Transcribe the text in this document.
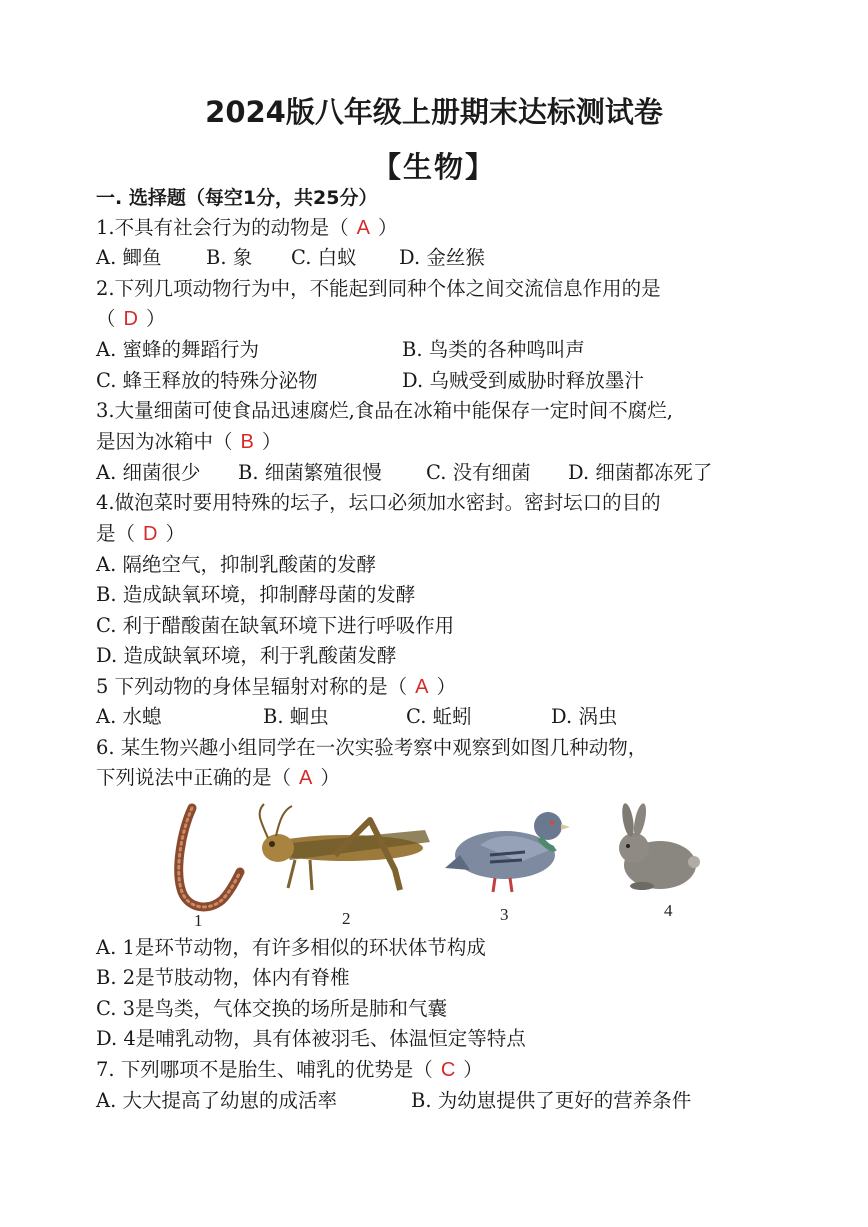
2024版八年级上册期末达标测试卷
【生物】
一. 选择题（每空1分，共25分）
1.不具有社会行为的动物是（ A ）
A. 鲫鱼 B. 象 C. 白蚁 D. 金丝猴
2.下列几项动物行为中，不能起到同种个体之间交流信息作用的是
（ D ）
A. 蜜蜂的舞蹈行为	B. 鸟类的各种鸣叫声
C. 蜂王释放的特殊分泌物	D. 乌贼受到威胁时释放墨汁
3.大量细菌可使食品迅速腐烂,食品在冰箱中能保存一定时间不腐烂,
是因为冰箱中（ B ）
A. 细菌很少 B. 细菌繁殖很慢 C. 没有细菌 D. 细菌都冻死了
4.做泡菜时要用特殊的坛子，坛口必须加水密封。密封坛口的目的
是（ D ）
A. 隔绝空气，抑制乳酸菌的发酵
B. 造成缺氧环境，抑制酵母菌的发酵
C. 利于醋酸菌在缺氧环境下进行呼吸作用
D. 造成缺氧环境，利于乳酸菌发酵
5 下列动物的身体呈辐射对称的是（ A ）
A. 水螅	B. 蛔虫	C. 蚯蚓	D. 涡虫
6. 某生物兴趣小组同学在一次实验考察中观察到如图几种动物，
下列说法中正确的是（ A ）
1	2	3	4
A. 1是环节动物，有许多相似的环状体节构成
B. 2是节肢动物，体内有脊椎
C. 3是鸟类，气体交换的场所是肺和气囊
D. 4是哺乳动物，具有体被羽毛、体温恒定等特点
7. 下列哪项不是胎生、哺乳的优势是（ C ）
A. 大大提高了幼崽的成活率	B. 为幼崽提供了更好的营养条件
